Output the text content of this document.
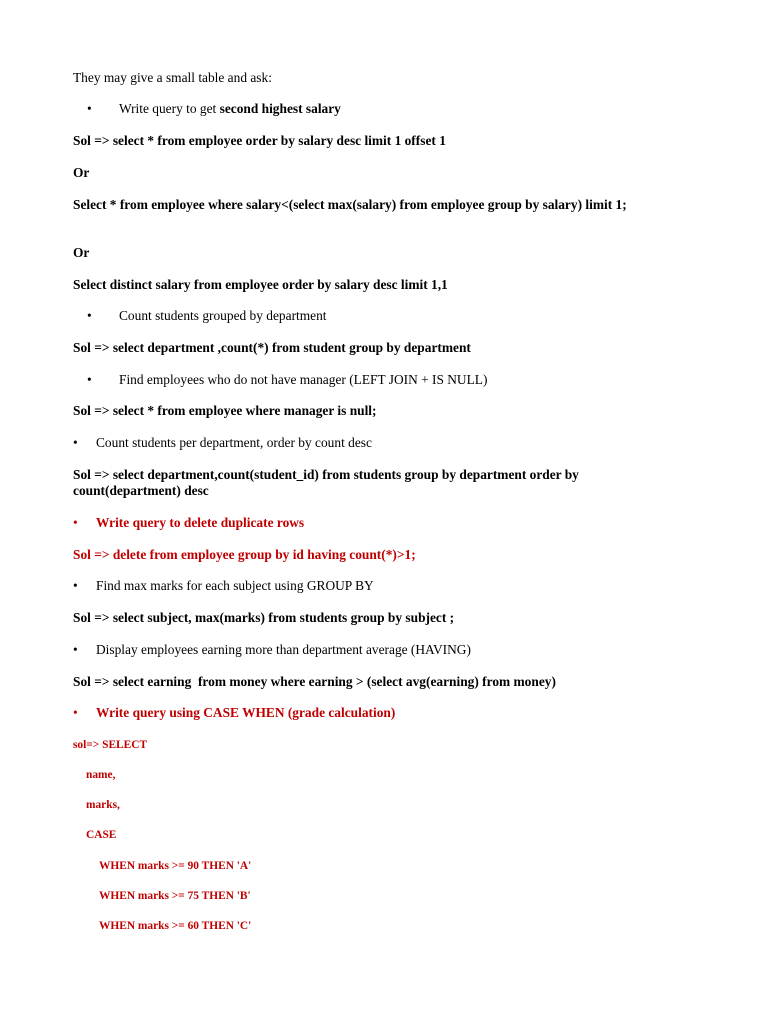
They may give a small table and ask:
• Write query to get second highest salary
Sol => select * from employee order by salary desc limit 1 offset 1
Or
Select * from employee where salary<(select max(salary) from employee group by salary) limit 1;
Or
Select distinct salary from employee order by salary desc limit 1,1
• Count students grouped by department
Sol => select department ,count(*) from student group by department
• Find employees who do not have manager (LEFT JOIN + IS NULL)
Sol => select * from employee where manager is null;
• Count students per department, order by count desc
Sol => select department,count(student_id) from students group by department order by count(department) desc
• Write query to delete duplicate rows
Sol => delete from employee group by id having count(*)>1;
• Find max marks for each subject using GROUP BY
Sol => select subject, max(marks) from students group by subject ;
• Display employees earning more than department average (HAVING)
Sol => select earning  from money where earning > (select avg(earning) from money)
• Write query using CASE WHEN (grade calculation)
sol=> SELECT
name,
marks,
CASE
WHEN marks >= 90 THEN 'A'
WHEN marks >= 75 THEN 'B'
WHEN marks >= 60 THEN 'C'
